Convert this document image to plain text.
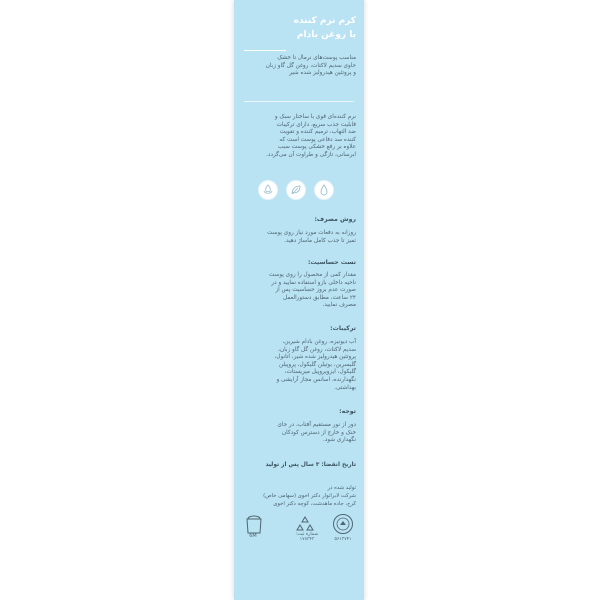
کرم نرم کننده
با روغن بادام
مناسب پوست‌های نرمال تا خشک
حاوی سدیم لاکتات، روغن گل گاو زبان
و پروتئین هیدرولیز شده شیر
نرم کننده‌ای قوی با ساختار سبک و
قابلیت جذب سریع، دارای ترکیبات
ضد التهاب، ترمیم کننده و تقویت
کننده سد دفاعی پوست است که
علاوه بر رفع خشکی پوست سبب
ابرسانی، تازگی و طراوت آن می‌گردد.
روش مصرف:
روزانه به دفعات مورد نیاز روی پوست
تمیز تا جذب کامل ماساژ دهید.
تست حساسیت:
مقدار کمی از محصول را روی پوست
ناحیه داخلی بازو استفاده نمایید و در
صورت عدم بروز حساسیت پس از
۲۴ ساعت، مطابق دستورالعمل
مصرف نمایید.
ترکیبات:
آب دیونیزه، روغن بادام شیرین،
سدیم لاکتات، روغن گل گاو زبان،
پروتئین هیدرولیز شده شیر، اتانول،
گلیسرین، بوتیلن گلیکول، پروپیلن
گلیکول، ایزوپروپیل میریستات،
نگهدارنده، اسانس مجاز آرایشی و
بهداشتی.
توجه:
دور از نور مستقیم آفتاب، در جای
خنک و خارج از دسترس کودکان
نگهداری شود.
تاریخ انقضا: ۳ سال پس از تولید
تولید شده در
شرکت لابراتوار دکتر اخوی (سهامی خاص)
کرج، جاده ماهدشت، کوچه دکتر اخوی
۵۶۱۳۷۴۱
شماره ثبت:
۱۷۸۳۴۳
6M
